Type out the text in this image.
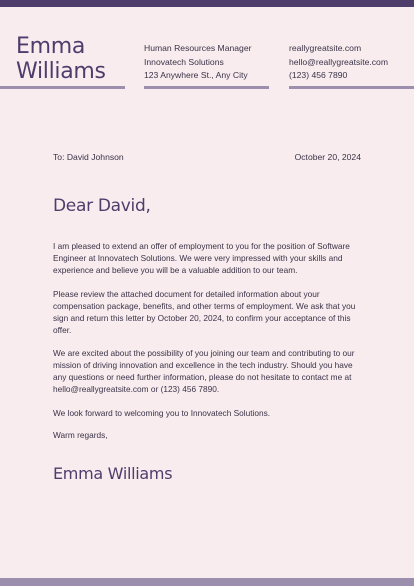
Emma
Williams
Human Resources Manager
Innovatech Solutions
123 Anywhere St., Any City
reallygreatsite.com
hello@reallygreatsite.com
(123) 456 7890
To: David Johnson	October 20, 2024
Dear David,

I am pleased to extend an offer of employment to you for the position of Software Engineer at Innovatech Solutions. We were very impressed with your skills and experience and believe you will be a valuable addition to our team.

Please review the attached document for detailed information about your compensation package, benefits, and other terms of employment. We ask that you sign and return this letter by October 20, 2024, to confirm your acceptance of this offer.

We are excited about the possibility of you joining our team and contributing to our mission of driving innovation and excellence in the tech industry. Should you have any questions or need further information, please do not hesitate to contact me at hello@reallygreatsite.com or (123) 456 7890.

We look forward to welcoming you to Innovatech Solutions.

Warm regards,
Emma Williams
